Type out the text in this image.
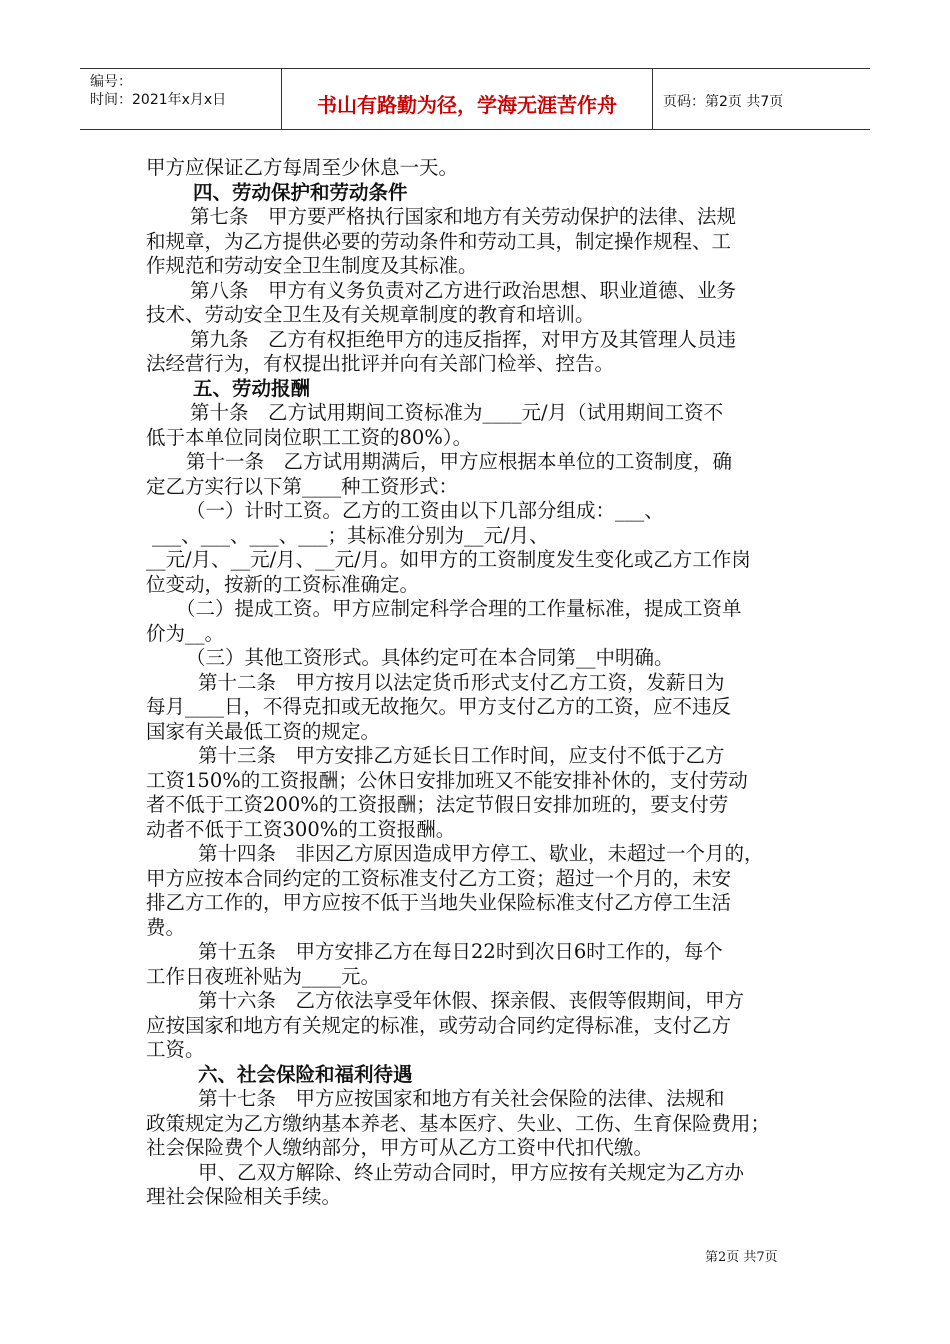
编号：
时间：2021年x月x日	书山有路勤为径，学海无涯苦作舟	页码：第2页 共7页

甲方应保证乙方每周至少休息一天。

四、劳动保护和劳动条件

第七条　甲方要严格执行国家和地方有关劳动保护的法律、法规

和规章，为乙方提供必要的劳动条件和劳动工具，制定操作规程、工

作规范和劳动安全卫生制度及其标准。

第八条　甲方有义务负责对乙方进行政治思想、职业道德、业务

技术、劳动安全卫生及有关规章制度的教育和培训。

第九条　乙方有权拒绝甲方的违反指挥，对甲方及其管理人员违

法经营行为，有权提出批评并向有关部门检举、控告。

五、劳动报酬

第十条　乙方试用期间工资标准为____元/月（试用期间工资不

低于本单位同岗位职工工资的80%）。

第十一条　乙方试用期满后，甲方应根据本单位的工资制度，确

定乙方实行以下第____种工资形式：

（一）计时工资。乙方的工资由以下几部分组成：___、

___、___、___、___；其标准分别为__元/月、

__元/月、__元/月、__元/月。如甲方的工资制度发生变化或乙方工作岗

位变动，按新的工资标准确定。

（二）提成工资。甲方应制定科学合理的工作量标准，提成工资单

价为__。

（三）其他工资形式。具体约定可在本合同第__中明确。

第十二条　甲方按月以法定货币形式支付乙方工资，发薪日为

每月____日，不得克扣或无故拖欠。甲方支付乙方的工资，应不违反

国家有关最低工资的规定。

第十三条　甲方安排乙方延长日工作时间，应支付不低于乙方

工资150%的工资报酬；公休日安排加班又不能安排补休的，支付劳动

者不低于工资200%的工资报酬；法定节假日安排加班的，要支付劳

动者不低于工资300%的工资报酬。

第十四条　非因乙方原因造成甲方停工、歇业，未超过一个月的，

甲方应按本合同约定的工资标准支付乙方工资；超过一个月的，未安

排乙方工作的，甲方应按不低于当地失业保险标准支付乙方停工生活

费。

第十五条　甲方安排乙方在每日22时到次日6时工作的，每个

工作日夜班补贴为____元。

第十六条　乙方依法享受年休假、探亲假、丧假等假期间，甲方

应按国家和地方有关规定的标准，或劳动合同约定得标准，支付乙方

工资。

六、社会保险和福利待遇

第十七条　甲方应按国家和地方有关社会保险的法律、法规和

政策规定为乙方缴纳基本养老、基本医疗、失业、工伤、生育保险费用；

社会保险费个人缴纳部分，甲方可从乙方工资中代扣代缴。

甲、乙双方解除、终止劳动合同时，甲方应按有关规定为乙方办

理社会保险相关手续。

第2页 共7页
